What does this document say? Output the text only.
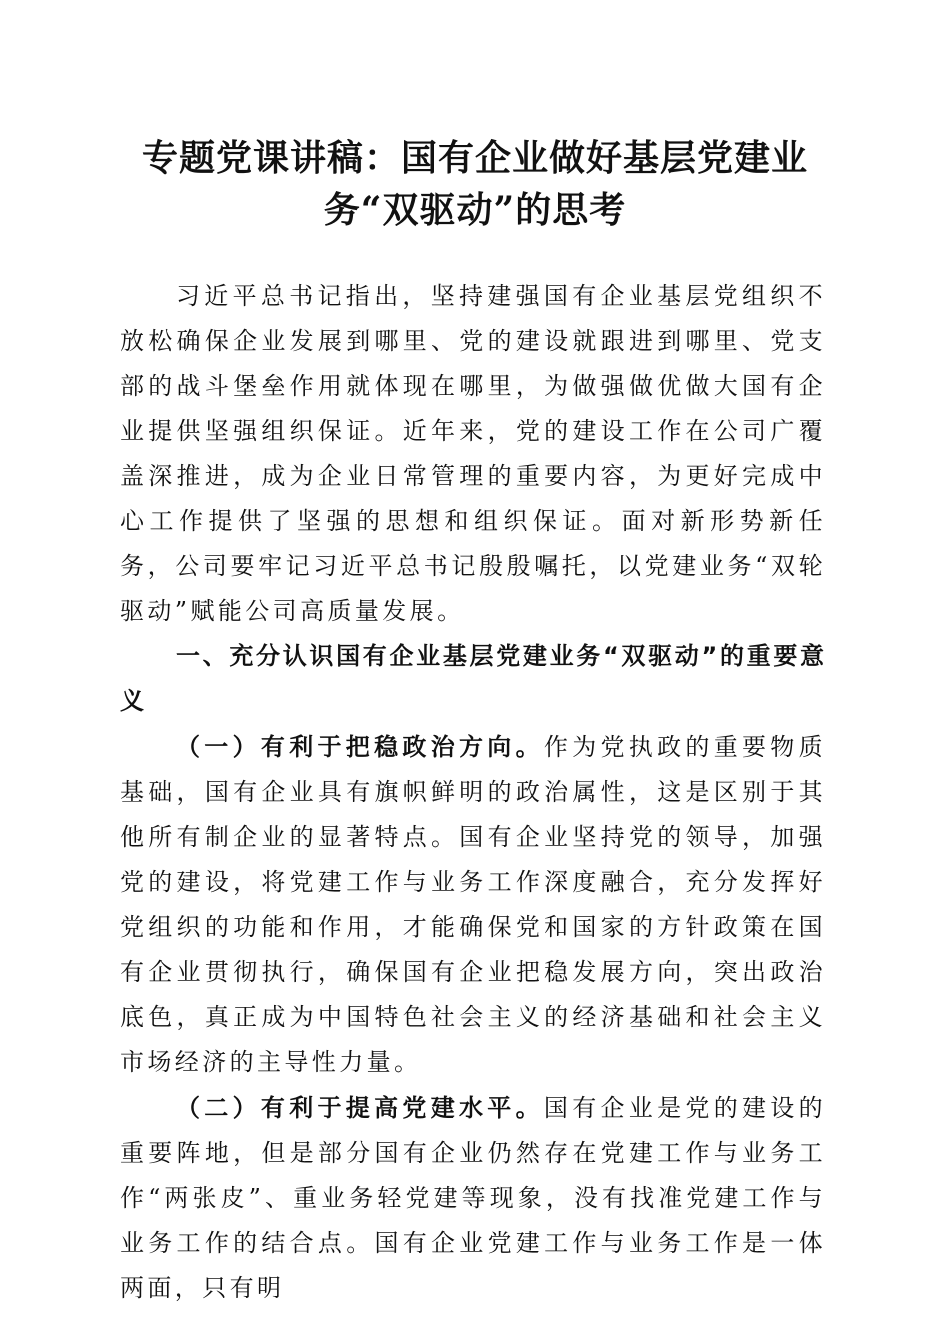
专题党课讲稿：国有企业做好基层党建业
务“双驱动”的思考

习近平总书记指出，坚持建强国有企业基层党组织不放松确保企业发展到哪里、党的建设就跟进到哪里、党支部的战斗堡垒作用就体现在哪里，为做强做优做大国有企业提供坚强组织保证。近年来，党的建设工作在公司广覆盖深推进，成为企业日常管理的重要内容，为更好完成中心工作提供了坚强的思想和组织保证。面对新形势新任务，公司要牢记习近平总书记殷殷嘱托，以党建业务“双轮驱动”赋能公司高质量发展。

一、充分认识国有企业基层党建业务“双驱动”的重要意义

（一）有利于把稳政治方向。作为党执政的重要物质基础，国有企业具有旗帜鲜明的政治属性，这是区别于其他所有制企业的显著特点。国有企业坚持党的领导，加强党的建设，将党建工作与业务工作深度融合，充分发挥好党组织的功能和作用，才能确保党和国家的方针政策在国有企业贯彻执行，确保国有企业把稳发展方向，突出政治底色，真正成为中国特色社会主义的经济基础和社会主义市场经济的主导性力量。

（二）有利于提高党建水平。国有企业是党的建设的重要阵地，但是部分国有企业仍然存在党建工作与业务工作“两张皮”、重业务轻党建等现象，没有找准党建工作与业务工作的结合点。国有企业党建工作与业务工作是一体两面，只有明
